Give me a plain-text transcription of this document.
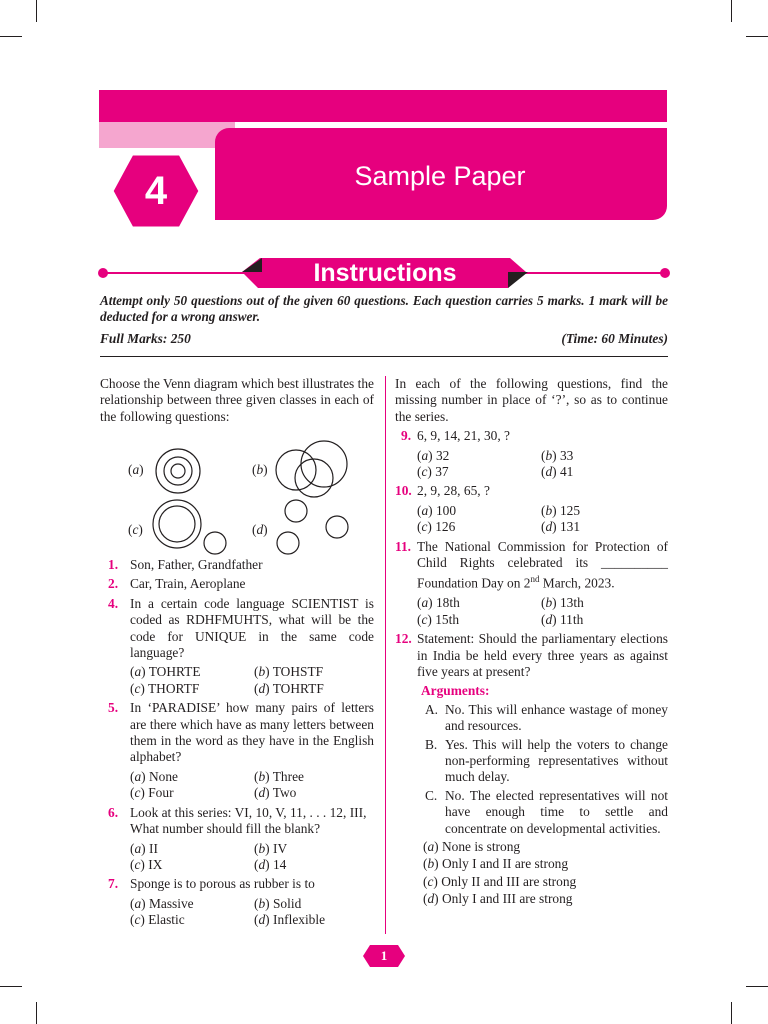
4	Sample Paper
Instructions
Attempt only 50 questions out of the given 60 questions. Each question carries 5 marks. 1 mark will be deducted for a wrong answer.
Full Marks: 250	(Time: 60 Minutes)
Choose the Venn diagram which best illustrates the relationship between three given classes in each of the following questions:
(a)	(b)
(c)	(d)
1. Son, Father, Grandfather
2. Car, Train, Aeroplane
4. In a certain code language SCIENTIST is coded as RDHFMUHTS, what will be the code for UNIQUE in the same code language?
(a) TOHRTE	(b) TOHSTF
(c) THORTF	(d) TOHRTF
5. In ‘PARADISE’ how many pairs of letters are there which have as many letters between them in the word as they have in the English alphabet?
(a) None	(b) Three
(c) Four	(d) Two
6. Look at this series: VI, 10, V, 11, . . . 12, III, What number should fill the blank?
(a) II	(b) IV
(c) IX	(d) 14
7. Sponge is to porous as rubber is to
(a) Massive	(b) Solid
(c) Elastic	(d) Inflexible
In each of the following questions, find the missing number in place of ‘?’, so as to continue the series.
9. 6, 9, 14, 21, 30, ?
(a) 32	(b) 33
(c) 37	(d) 41
10. 2, 9, 28, 65, ?
(a) 100	(b) 125
(c) 126	(d) 131
11. The National Commission for Protection of Child Rights celebrated its __________ Foundation Day on 2nd March, 2023.
(a) 18th	(b) 13th
(c) 15th	(d) 11th
12. Statement: Should the parliamentary elections in India be held every three years as against five years at present?
Arguments:
A. No. This will enhance wastage of money and resources.
B. Yes. This will help the voters to change non-performing representatives without much delay.
C. No. The elected representatives will not have enough time to settle and concentrate on developmental activities.
(a) None is strong
(b) Only I and II are strong
(c) Only II and III are strong
(d) Only I and III are strong
1
